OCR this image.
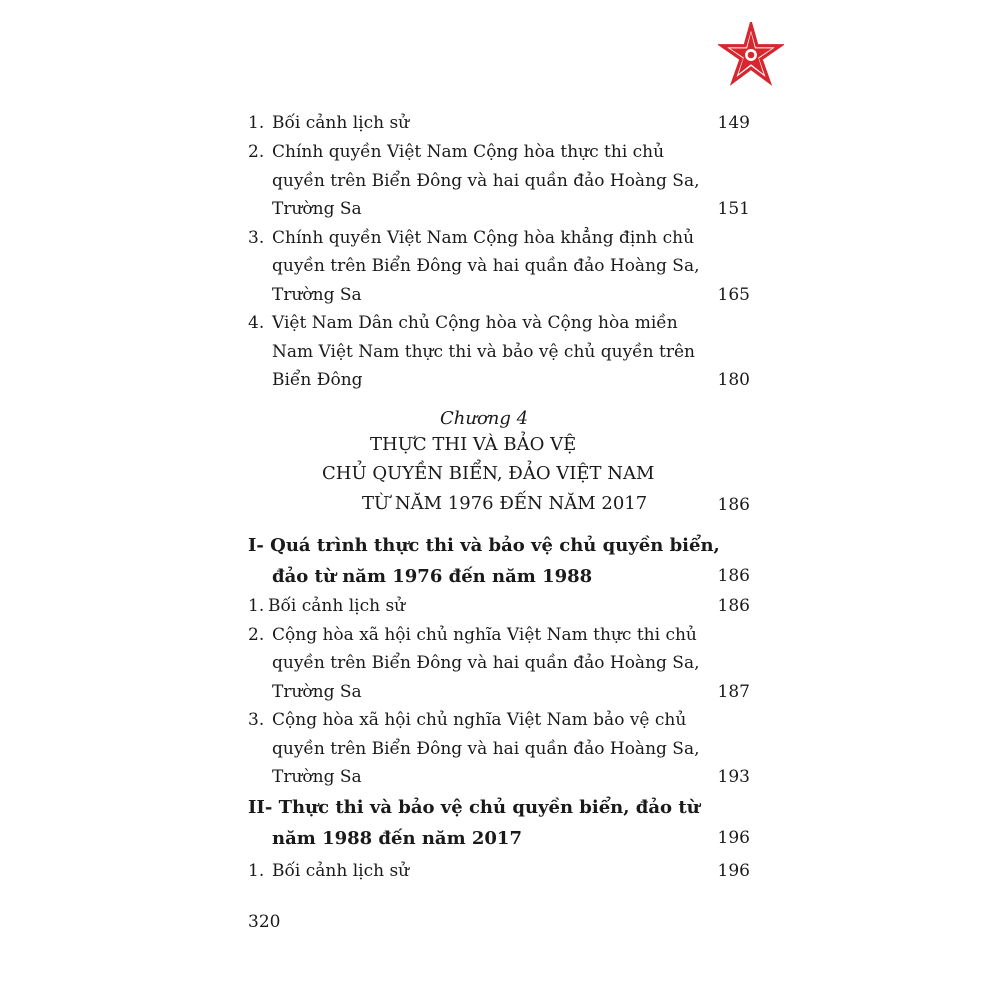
1. Bối cảnh lịch sử	149
2. Chính quyền Việt Nam Cộng hòa thực thi chủ
quyền trên Biển Đông và hai quần đảo Hoàng Sa,
Trường Sa	151
3. Chính quyền Việt Nam Cộng hòa khẳng định chủ
quyền trên Biển Đông và hai quần đảo Hoàng Sa,
Trường Sa	165
4. Việt Nam Dân chủ Cộng hòa và Cộng hòa miền
Nam Việt Nam thực thi và bảo vệ chủ quyền trên
Biển Đông	180
Chương 4
THỰC THI VÀ BẢO VỆ
CHỦ QUYỀN BIỂN, ĐẢO VIỆT NAM
TỪ NĂM 1976 ĐẾN NĂM 2017	186
I- Quá trình thực thi và bảo vệ chủ quyền biển,
đảo từ năm 1976 đến năm 1988	186
1. Bối cảnh lịch sử	186
2. Cộng hòa xã hội chủ nghĩa Việt Nam thực thi chủ
quyền trên Biển Đông và hai quần đảo Hoàng Sa,
Trường Sa	187
3. Cộng hòa xã hội chủ nghĩa Việt Nam bảo vệ chủ
quyền trên Biển Đông và hai quần đảo Hoàng Sa,
Trường Sa	193
II- Thực thi và bảo vệ chủ quyền biển, đảo từ
năm 1988 đến năm 2017	196
1. Bối cảnh lịch sử	196
320
